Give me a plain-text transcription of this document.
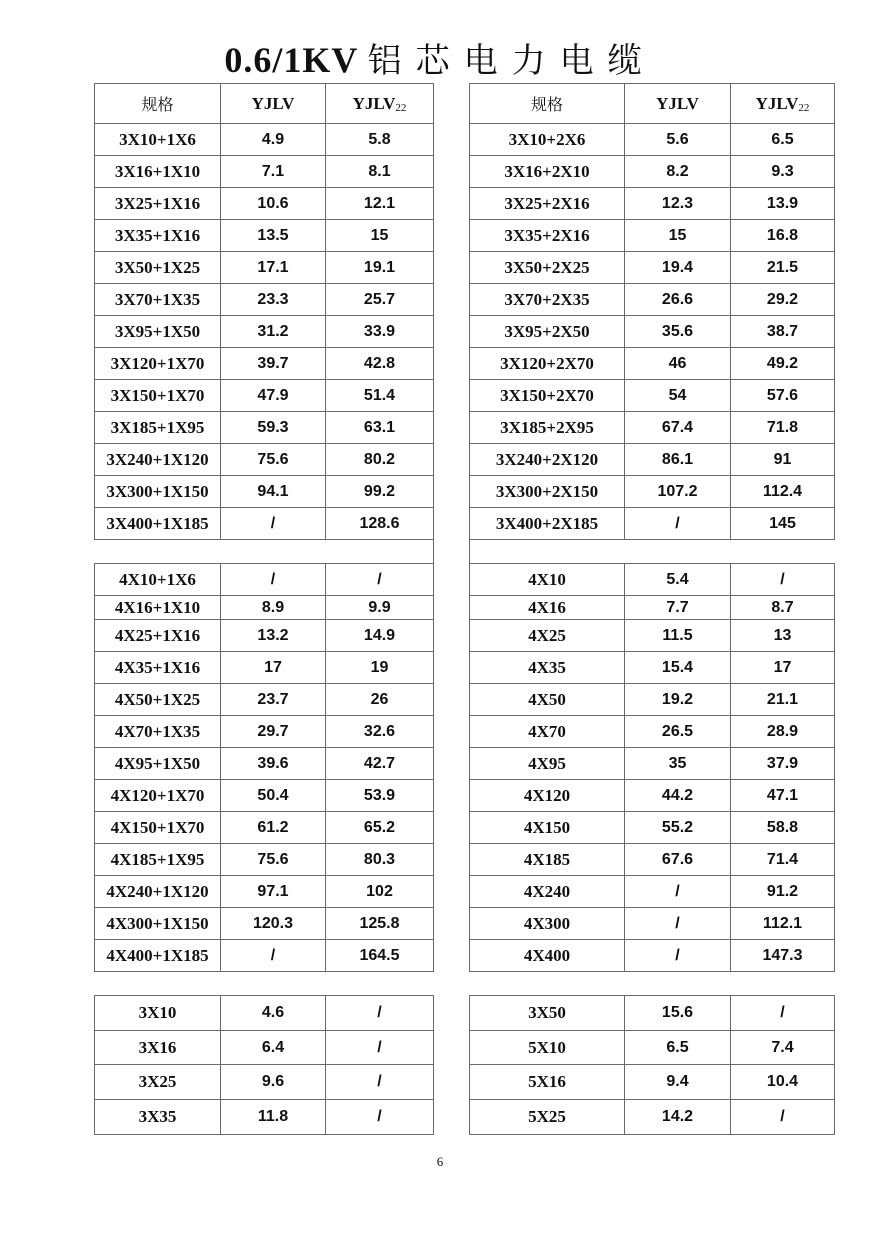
0.6/1KV 铝芯电力电缆
规格	YJLV	$YJLV_{22}$
3X10+1X6	4.9	5.8
3X16+1X10	7.1	8.1
3X25+1X16	10.6	12.1
3X35+1X16	13.5	15
3X50+1X25	17.1	19.1
3X70+1X35	23.3	25.7
3X95+1X50	31.2	33.9
3X120+1X70	39.7	42.8
3X150+1X70	47.9	51.4
3X185+1X95	59.3	63.1
3X240+1X120	75.6	80.2
3X300+1X150	94.1	99.2
3X400+1X185	/	128.6

4X10+1X6	/	/
4X16+1X10	8.9	9.9
4X25+1X16	13.2	14.9
4X35+1X16	17	19
4X50+1X25	23.7	26
4X70+1X35	29.7	32.6
4X95+1X50	39.6	42.7
4X120+1X70	50.4	53.9
4X150+1X70	61.2	65.2
4X185+1X95	75.6	80.3
4X240+1X120	97.1	102
4X300+1X150	120.3	125.8
4X400+1X185	/	164.5
规格	YJLV	$YJLV_{22}$
3X10+2X6	5.6	6.5
3X16+2X10	8.2	9.3
3X25+2X16	12.3	13.9
3X35+2X16	15	16.8
3X50+2X25	19.4	21.5
3X70+2X35	26.6	29.2
3X95+2X50	35.6	38.7
3X120+2X70	46	49.2
3X150+2X70	54	57.6
3X185+2X95	67.4	71.8
3X240+2X120	86.1	91
3X300+2X150	107.2	112.4
3X400+2X185	/	145

4X10	5.4	/
4X16	7.7	8.7
4X25	11.5	13
4X35	15.4	17
4X50	19.2	21.1
4X70	26.5	28.9
4X95	35	37.9
4X120	44.2	47.1
4X150	55.2	58.8
4X185	67.6	71.4
4X240	/	91.2
4X300	/	112.1
4X400	/	147.3
3X10	4.6	/
3X16	6.4	/
3X25	9.6	/
3X35	11.8	/
3X50	15.6	/
5X10	6.5	7.4
5X16	9.4	10.4
5X25	14.2	/
6
